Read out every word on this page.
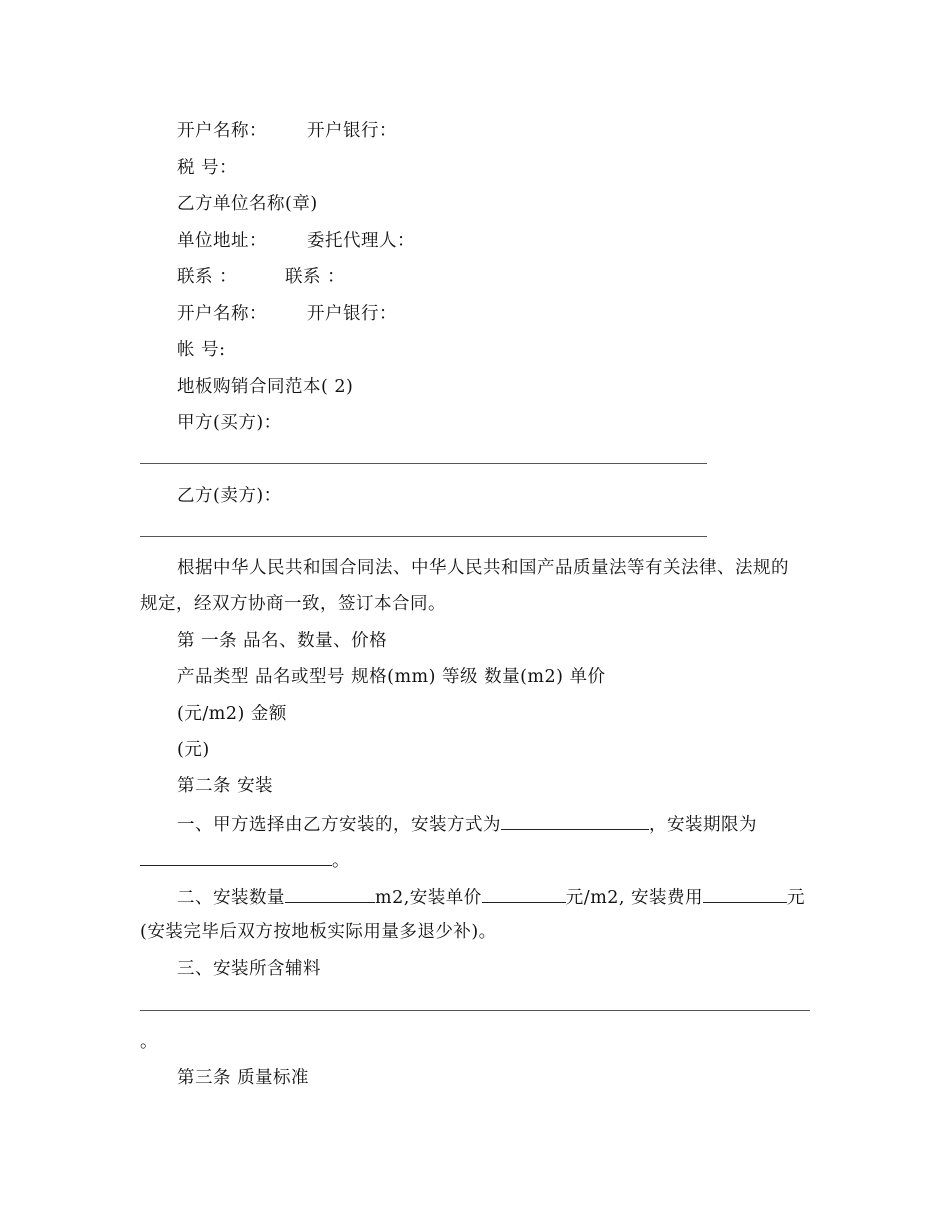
开户名称： 开户银行：
税 号：
乙方单位名称(章)
单位地址： 委托代理人：
联系 ：	联系 ：
开户名称： 开户银行：
帐 号:
地板购销合同范本( 2)
甲方(买方)：
乙方(卖方)：
根据中华人民共和国合同法、中华人民共和国产品质量法等有关法律、法规的
规定，经双方协商一致，签订本合同。
第 一条 品名、数量、价格
产品类型 品名或型号 规格(mm) 等级 数量(m2) 单价
(元/m2) 金额
(元)
第二条 安装
一、甲方选择由乙方安装的，安装方式为	，安装期限为
。
二、安装数量	m2,安装单价	元/m2, 安装费用	元
(安装完毕后双方按地板实际用量多退少补)。
三、安装所含辅料
。
第三条 质量标准
